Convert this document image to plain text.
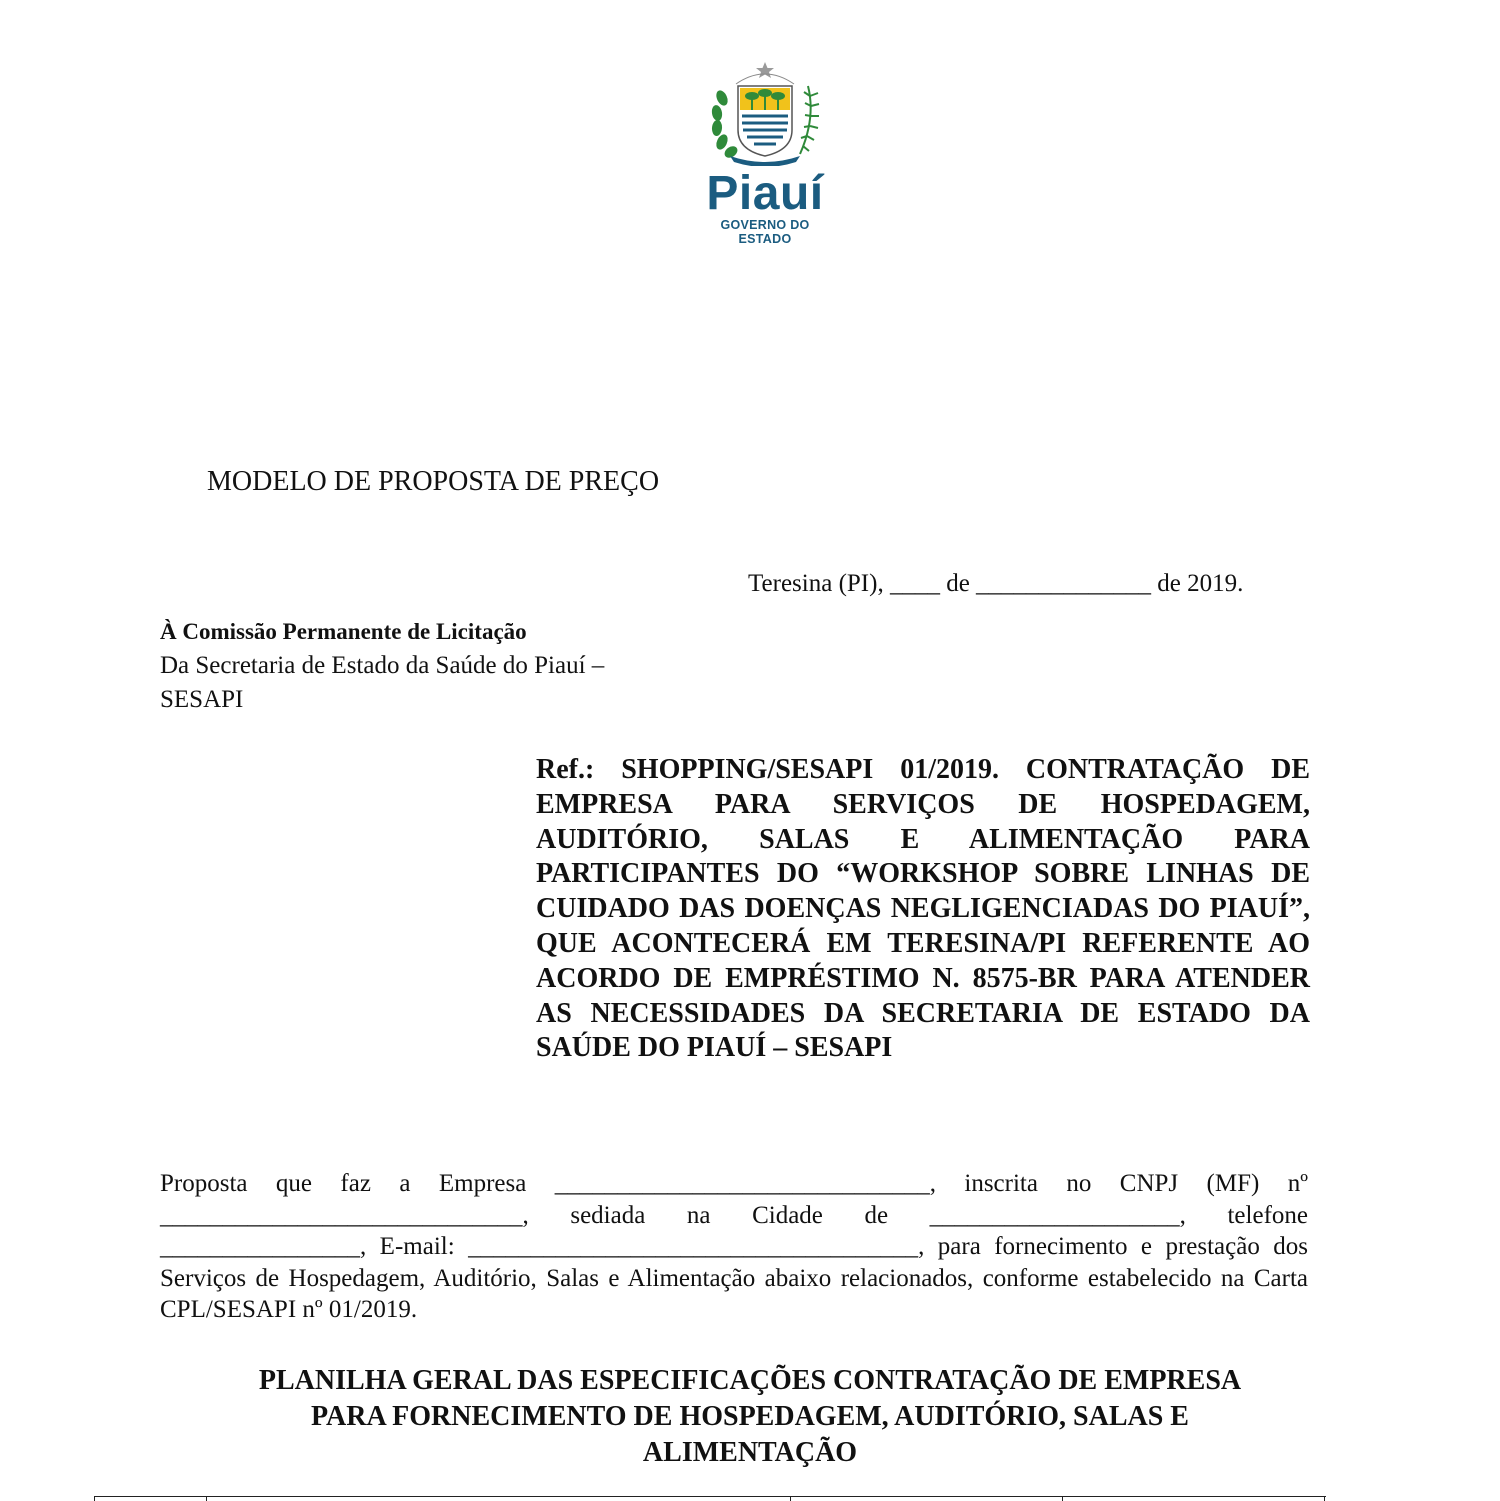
Piauí
GOVERNO DO ESTADO
MODELO DE PROPOSTA DE PREÇO
Teresina (PI), ____ de ______________ de 2019.
À Comissão Permanente de Licitação
Da Secretaria de Estado da Saúde do Piauí –
SESAPI
Ref.: SHOPPING/SESAPI 01/2019. CONTRATAÇÃO DE EMPRESA PARA SERVIÇOS DE HOSPEDAGEM, AUDITÓRIO, SALAS E ALIMENTAÇÃO PARA PARTICIPANTES DO “WORKSHOP SOBRE LINHAS DE CUIDADO DAS DOENÇAS NEGLIGENCIADAS DO PIAUÍ”, QUE ACONTECERÁ EM TERESINA/PI REFERENTE AO ACORDO DE EMPRÉSTIMO N. 8575-BR PARA ATENDER AS NECESSIDADES DA SECRETARIA DE ESTADO DA SAÚDE DO PIAUÍ – SESAPI
Proposta que faz a Empresa ______________________________, inscrita no CNPJ (MF) nº _____________________________, sediada na Cidade de ____________________, telefone ________________, E-mail: ____________________________________, para fornecimento e prestação dos Serviços de Hospedagem, Auditório, Salas e Alimentação abaixo relacionados, conforme estabelecido na Carta CPL/SESAPI nº 01/2019.
PLANILHA GERAL DAS ESPECIFICAÇÕES CONTRATAÇÃO DE EMPRESA
PARA FORNECIMENTO DE HOSPEDAGEM, AUDITÓRIO, SALAS E
ALIMENTAÇÃO
